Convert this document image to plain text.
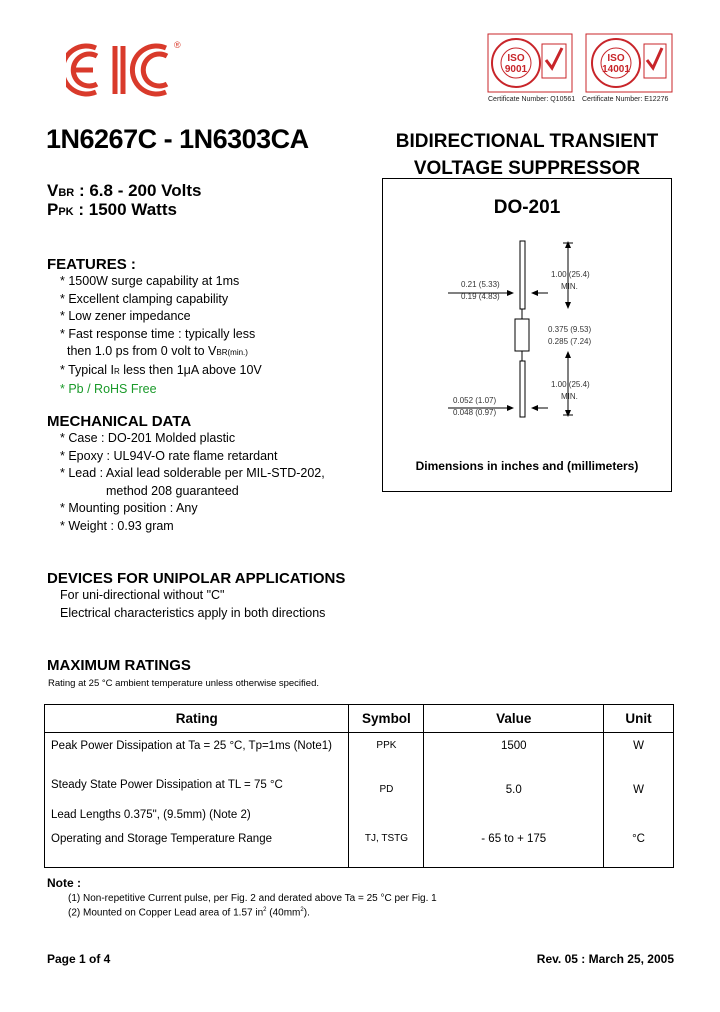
®
ISO
9001
ISO
14001
Certificate Number: Q10561 Certificate Number: E12276
1N6267C - 1N6303CA	BIDIRECTIONAL TRANSIENT
VOLTAGE SUPPRESSOR
VBR : 6.8 - 200 Volts
PPK : 1500 Watts
FEATURES :
* 1500W surge capability at 1ms
* Excellent clamping capability
* Low zener impedance
* Fast response time : typically less
then 1.0 ps from 0 volt to VBR(min.)
* Typical IR less then 1μA above 10V
* Pb / RoHS Free
MECHANICAL DATA
* Case : DO-201 Molded plastic
* Epoxy : UL94V-O rate flame retardant
* Lead : Axial lead solderable per MIL-STD-202,
method 208 guaranteed
* Mounting position : Any
* Weight : 0.93 gram
DO-201
0.21 (5.33)
0.19 (4.83)
1.00 (25.4)
MIN.
0.375 (9.53)
0.285 (7.24)
0.052 (1.07)
0.048 (0.97)
1.00 (25.4)
MIN.
Dimensions in inches and (millimeters)
DEVICES FOR UNIPOLAR APPLICATIONS
For uni-directional without "C"
Electrical characteristics apply in both directions
MAXIMUM RATINGS
Rating at 25 °C ambient temperature unless otherwise specified.
Rating	Symbol	Value	Unit
Peak Power Dissipation at Ta = 25 °C, Tp=1ms (Note1)	PPK	1500	W

Steady State Power Dissipation at TL = 75 °C
Lead Lengths 0.375", (9.5mm) (Note 2)	PD	5.0	W
Operating and Storage Temperature Range	TJ, TSTG	- 65 to + 175	°C
Note :
(1) Non-repetitive Current pulse, per Fig. 2 and derated above Ta = 25 °C per Fig. 1
(2) Mounted on Copper Lead area of 1.57 $in^2$ $(40mm^2)$.
Page 1 of 4	Rev. 05 : March 25, 2005
